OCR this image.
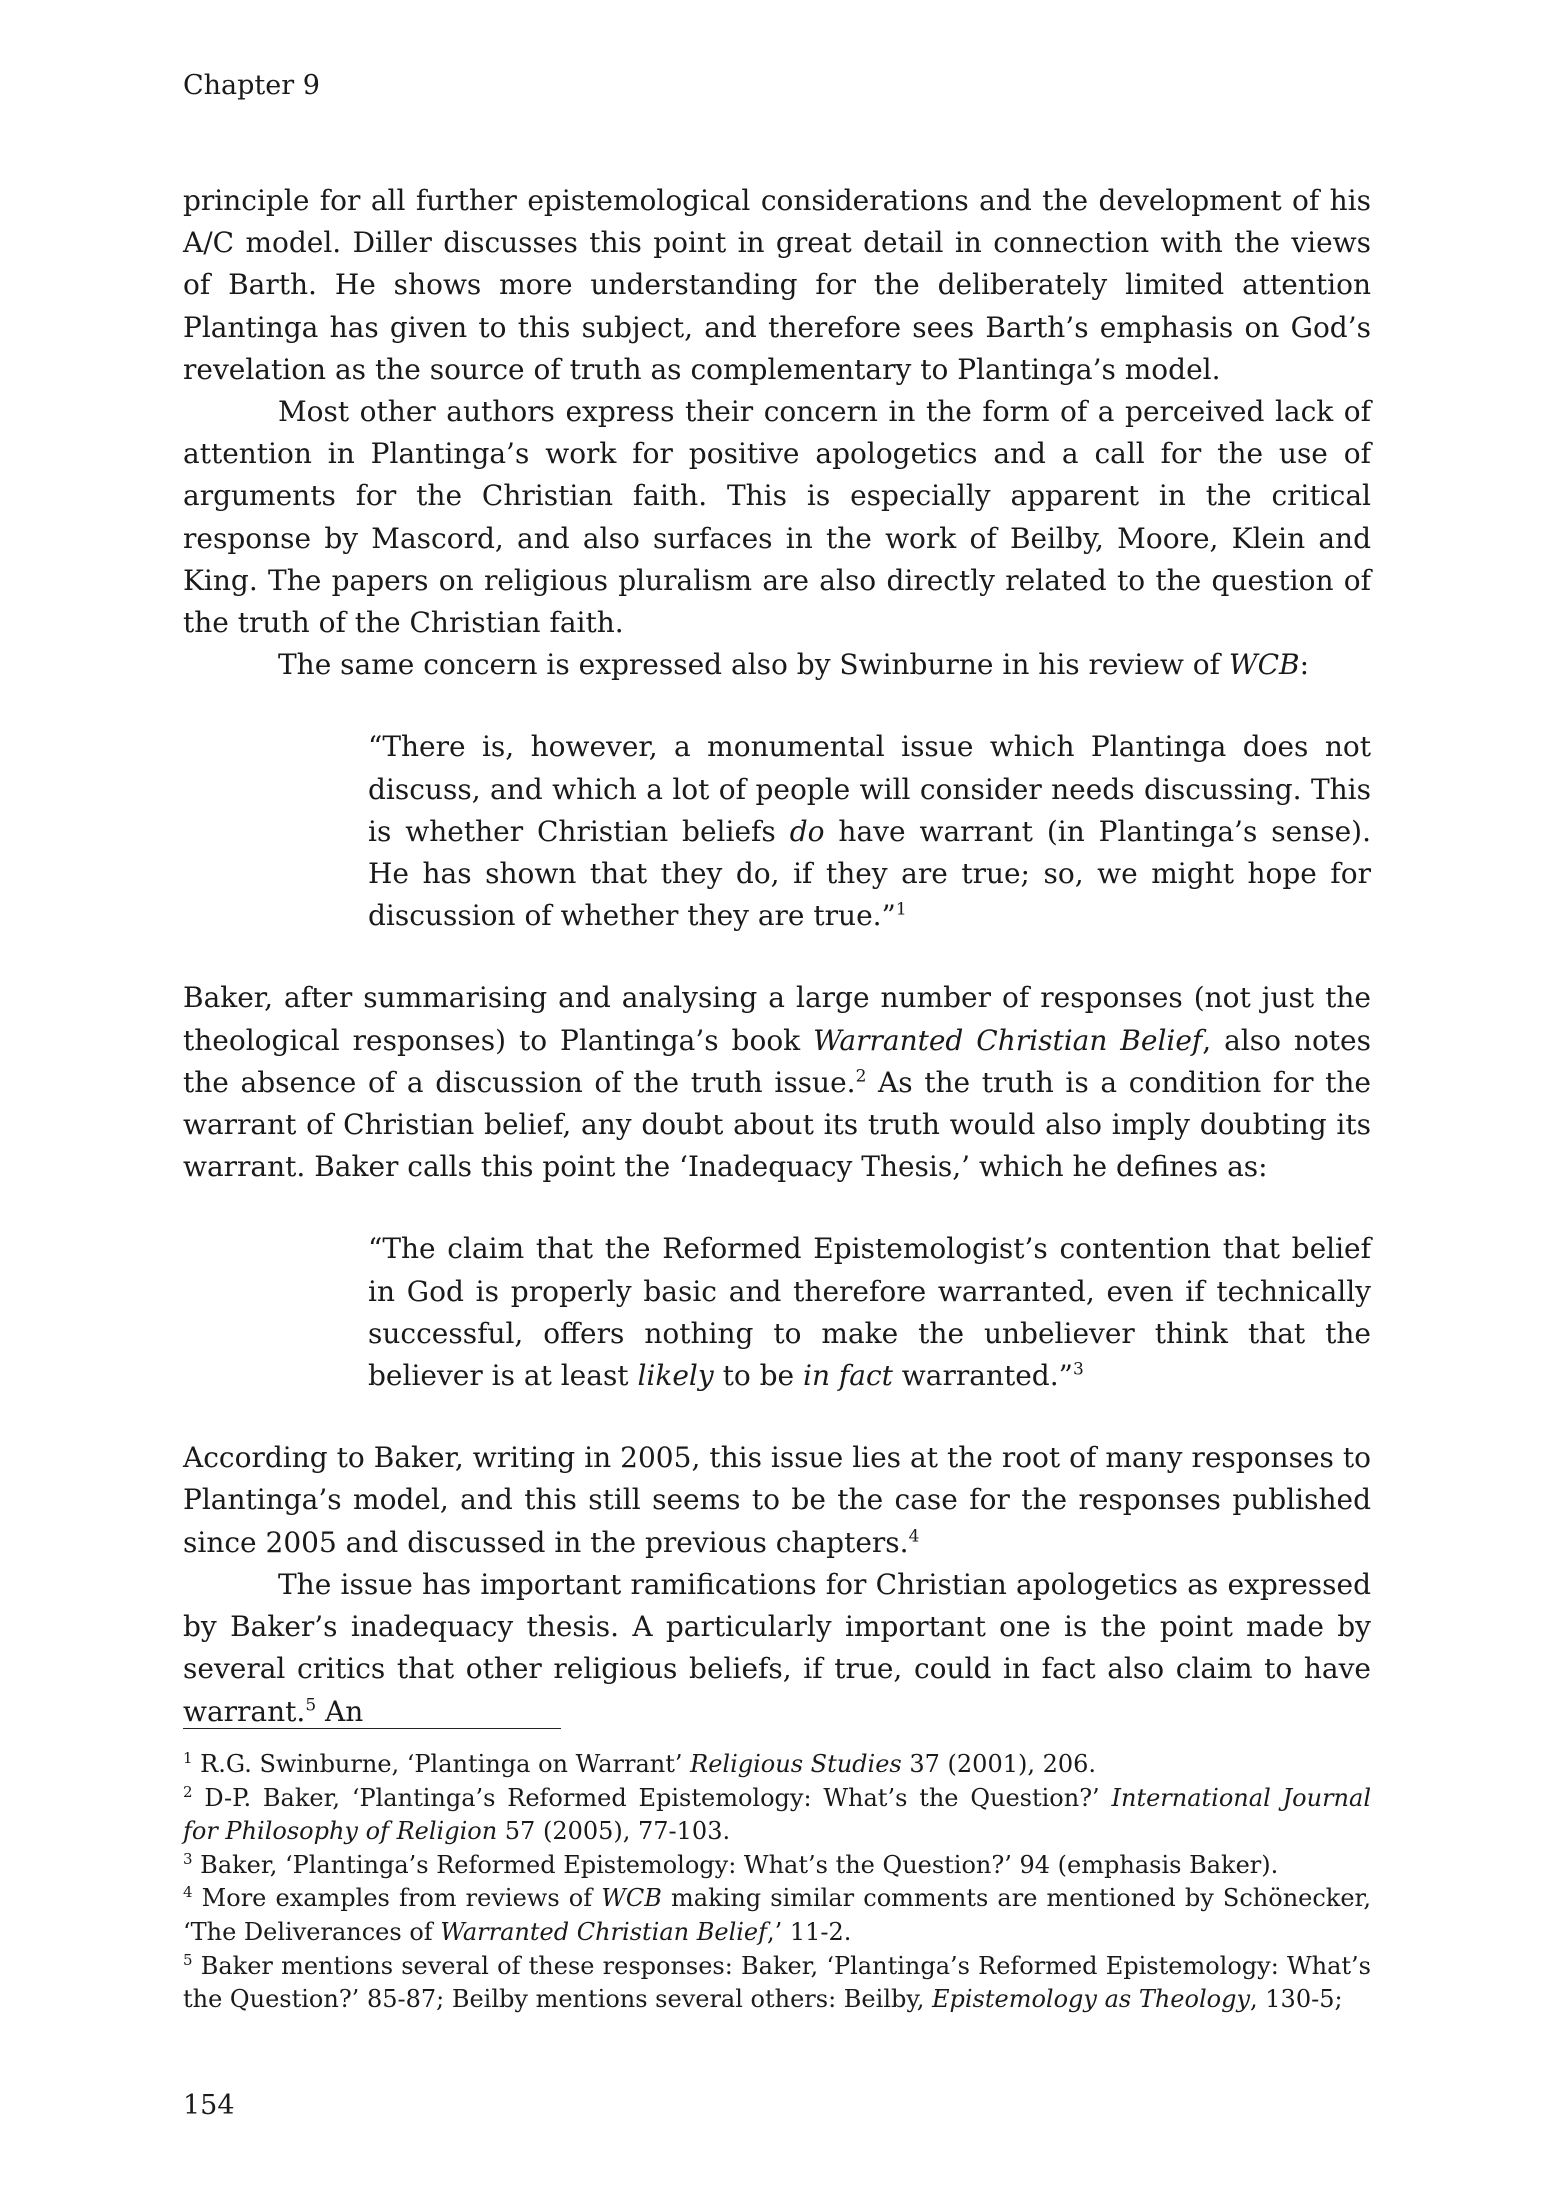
Chapter 9

principle for all further epistemological considerations and the development of his A/C model. Diller discusses this point in great detail in connection with the views of Barth. He shows more understanding for the deliberately limited attention Plantinga has given to this subject, and therefore sees Barth’s emphasis on God’s revelation as the source of truth as complementary to Plantinga’s model.

Most other authors express their concern in the form of a perceived lack of attention in Plantinga’s work for positive apologetics and a call for the use of arguments for the Christian faith. This is especially apparent in the critical response by Mascord, and also surfaces in the work of Beilby, Moore, Klein and King. The papers on religious pluralism are also directly related to the question of the truth of the Christian faith.

The same concern is expressed also by Swinburne in his review of WCB:

“There is, however, a monumental issue which Plantinga does not discuss, and which a lot of people will consider needs discussing. This is whether Christian beliefs do have warrant (in Plantinga’s sense). He has shown that they do, if they are true; so, we might hope for discussion of whether they are true.”$^1$

Baker, after summarising and analysing a large number of responses (not just the theological responses) to Plantinga’s book Warranted Christian Belief, also notes the absence of a discussion of the truth issue.$^2$ As the truth is a condition for the warrant of Christian belief, any doubt about its truth would also imply doubting its warrant. Baker calls this point the ‘Inadequacy Thesis,’ which he defines as:

“The claim that the Reformed Epistemologist’s contention that belief in God is properly basic and therefore warranted, even if technically successful, offers nothing to make the unbeliever think that the believer is at least likely to be in fact warranted.”$^3$

According to Baker, writing in 2005, this issue lies at the root of many responses to Plantinga’s model, and this still seems to be the case for the responses published since 2005 and discussed in the previous chapters.$^4$

The issue has important ramifications for Christian apologetics as expressed by Baker’s inadequacy thesis. A particularly important one is the point made by several critics that other religious beliefs, if true, could in fact also claim to have warrant.$^5$ An

$^1$ R.G. Swinburne, ‘Plantinga on Warrant’ Religious Studies 37 (2001), 206.

$^2$ D-P. Baker, ‘Plantinga’s Reformed Epistemology: What’s the Question?’ International Journal for Philosophy of Religion 57 (2005), 77-103.

$^3$ Baker, ‘Plantinga’s Reformed Epistemology: What’s the Question?’ 94 (emphasis Baker).

$^4$ More examples from reviews of WCB making similar comments are mentioned by Schönecker, ‘The Deliverances of Warranted Christian Belief,’ 11-2.

$^5$ Baker mentions several of these responses: Baker, ‘Plantinga’s Reformed Epistemology: What’s the Question?’ 85-87; Beilby mentions several others: Beilby, Epistemology as Theology, 130-5;

154
